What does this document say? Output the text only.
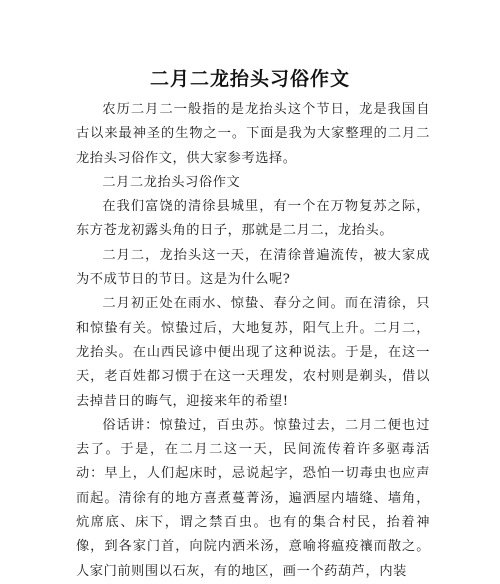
二月二龙抬头习俗作文

农历二月二一般指的是龙抬头这个节日，龙是我国自古以来最神圣的生物之一。下面是我为大家整理的二月二龙抬头习俗作文，供大家参考选择。

二月二龙抬头习俗作文

在我们富饶的清徐县城里，有一个在万物复苏之际，东方苍龙初露头角的日子，那就是二月二，龙抬头。

二月二，龙抬头这一天，在清徐普遍流传，被大家成为不成节日的节日。这是为什么呢?

二月初正处在雨水、惊蛰、春分之间。而在清徐，只和惊蛰有关。惊蛰过后，大地复苏，阳气上升。二月二，龙抬头。在山西民谚中便出现了这种说法。于是，在这一天，老百姓都习惯于在这一天理发，农村则是剃头，借以去掉昔日的晦气，迎接来年的希望!

俗话讲：惊蛰过，百虫苏。惊蛰过去，二月二便也过去了。于是，在二月二这一天，民间流传着许多驱毒活动：早上，人们起床时，忌说起字，恐怕一切毒虫也应声而起。清徐有的地方喜煮蔓菁汤，遍洒屋内墙缝、墙角，炕席底、床下，谓之禁百虫。也有的集合村民，抬着神像，到各家门首，向院内洒米汤，意喻将瘟疫禳而散之。人家门前则围以石灰，有的地区，画一个药葫芦，内装
